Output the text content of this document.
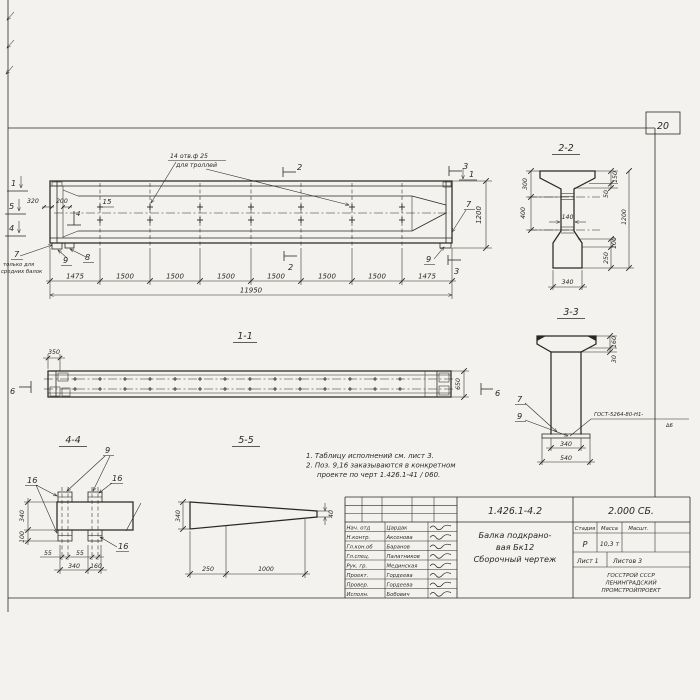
20
14 отв.ф 25
для троллей
1
5
4
2
2
3
3
1
320	200	15
4
7
только для
средних балок
9 8
7
9
1475	1500	1500	1500	1500	1500	1500	1475
11950
1200
1-1
350
6	6
650
2-2
140
300
400
150
50
1200
100
250
340
3-3
160
30
7
9	ГОСТ-5264-80-Н1-
∆6
340
540
4-4
9
16	16
16
340
100
55	55
340 160
5-5
340	40
250	1000
1. Таблицу исполнений см. лист 3.
2. Поз. 9,16 заказываются в конкретном
проекте по черт 1.426.1-41 / 060.
Нач. отд	Цардак
Н.контр.	Аксенова
Гл.кон.об	Баранов
Гл.спец.	Палатников
Рук. гр.	Мединская
Проект.	Гордеева
Провер.	Гордеева
Исполн.	Бобович
1.426.1-4.2	2.000 СБ.
Балка подкрано-
вая Бк12
Сборочный чертеж
Стадия Масса Масшт.
Р 10,3 т
Лист 1 Листов 3
ГОССТРОЙ СССР
ЛЕНИНГРАДСКИЙ
ПРОМСТРОЙПРОЕКТ
